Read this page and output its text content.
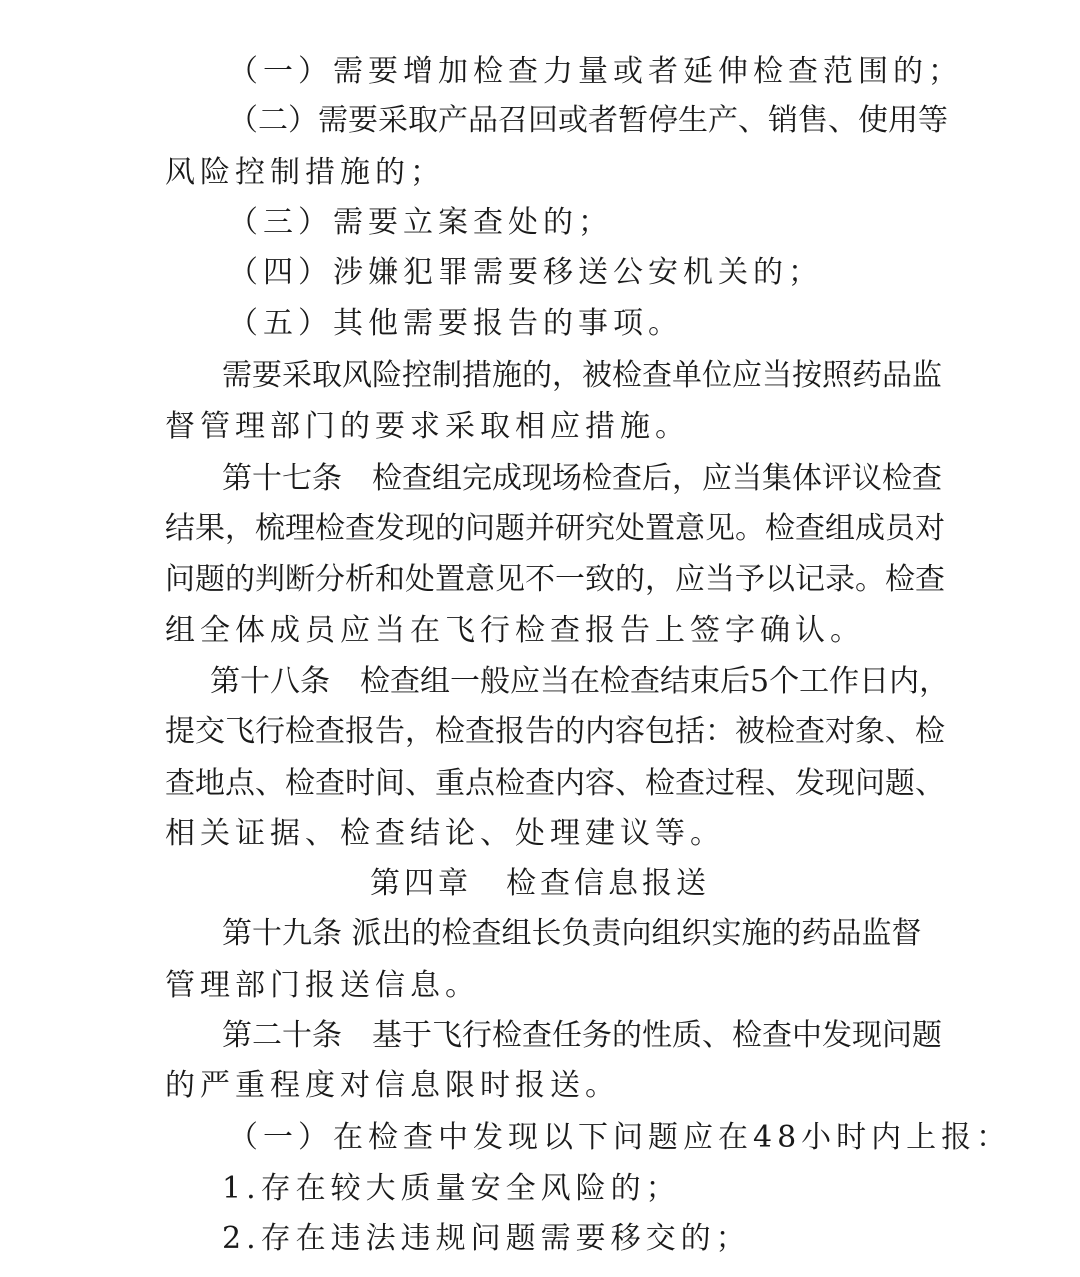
（一）需要增加检查力量或者延伸检查范围的；
（二）需要采取产品召回或者暂停生产、销售、使用等
风险控制措施的；
（三）需要立案查处的；
（四）涉嫌犯罪需要移送公安机关的；
（五）其他需要报告的事项。
需要采取风险控制措施的，被检查单位应当按照药品监
督管理部门的要求采取相应措施。
第十七条　检查组完成现场检查后，应当集体评议检查
结果，梳理检查发现的问题并研究处置意见。检查组成员对
问题的判断分析和处置意见不一致的，应当予以记录。检查
组全体成员应当在飞行检查报告上签字确认。
第十八条　检查组一般应当在检查结束后5个工作日内，
提交飞行检查报告，检查报告的内容包括：被检查对象、检
查地点、检查时间、重点检查内容、检查过程、发现问题、
相关证据、检查结论、处理建议等。
第四章　检查信息报送
第十九条 派出的检查组长负责向组织实施的药品监督
管理部门报送信息。
第二十条　基于飞行检查任务的性质、检查中发现问题
的严重程度对信息限时报送。
（一）在检查中发现以下问题应在48小时内上报：
1.存在较大质量安全风险的；
2.存在违法违规问题需要移交的；
